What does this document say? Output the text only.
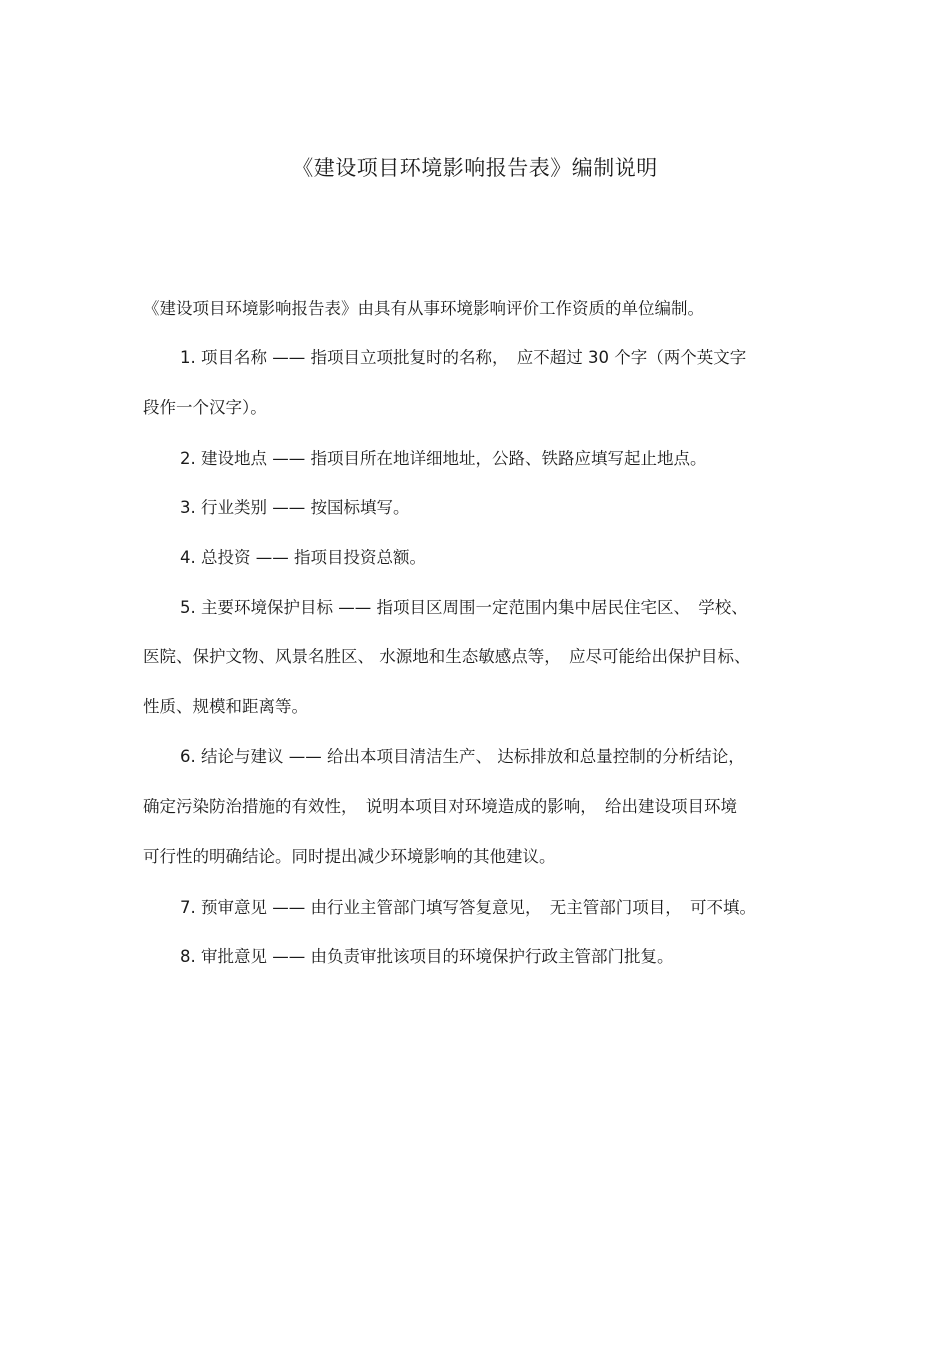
《建设项目环境影响报告表》编制说明
《建设项目环境影响报告表》由具有从事环境影响评价工作资质的单位编制。
1. 项目名称 —— 指项目立项批复时的名称，　应不超过 30 个字（两个英文字
段作一个汉字）。
2. 建设地点 —— 指项目所在地详细地址，公路、铁路应填写起止地点。
3. 行业类别 —— 按国标填写。
4. 总投资 —— 指项目投资总额。
5. 主要环境保护目标 —— 指项目区周围一定范围内集中居民住宅区、　学校、
医院、保护文物、风景名胜区、 水源地和生态敏感点等，　应尽可能给出保护目标、
性质、规模和距离等。
6. 结论与建议 —— 给出本项目清洁生产、 达标排放和总量控制的分析结论，
确定污染防治措施的有效性，　说明本项目对环境造成的影响，　给出建设项目环境
可行性的明确结论。同时提出减少环境影响的其他建议。
7. 预审意见 —— 由行业主管部门填写答复意见，　无主管部门项目，　可不填。
8. 审批意见 —— 由负责审批该项目的环境保护行政主管部门批复。
